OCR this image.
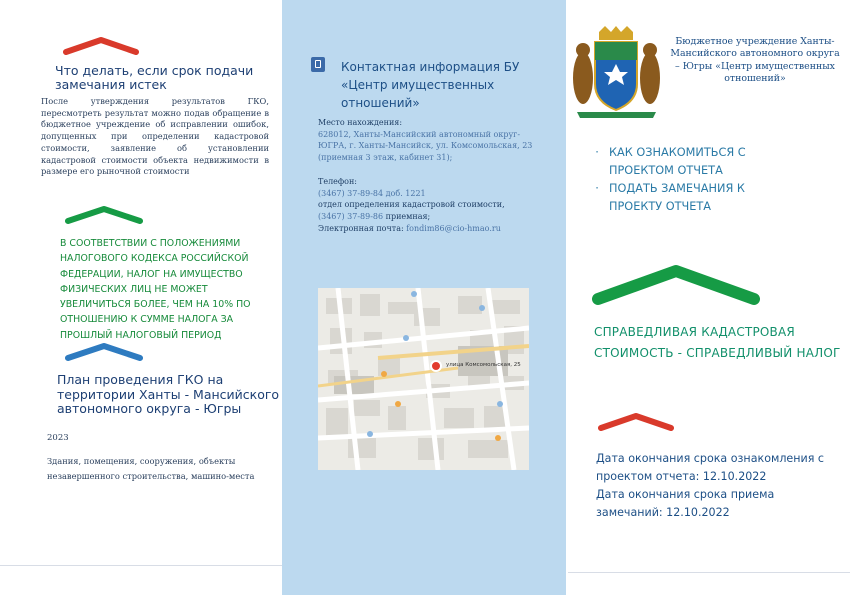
Что делать, если срок подачи замечания истек
После утверждения результатов ГКО, пересмотреть результат можно подав обращение в бюджетное учреждение об исправлении ошибок, допущенных при определении кадастровой стоимости, заявление об установлении кадастровой стоимости объекта недвижимости в размере его рыночной стоимости
В СООТВЕТСТВИИ С ПОЛОЖЕНИЯМИ НАЛОГОВОГО КОДЕКСА РОССИЙСКОЙ ФЕДЕРАЦИИ, НАЛОГ НА ИМУЩЕСТВО ФИЗИЧЕСКИХ ЛИЦ НЕ МОЖЕТ УВЕЛИЧИТЬСЯ БОЛЕЕ, ЧЕМ НА 10% ПО ОТНОШЕНИЮ К СУММЕ НАЛОГА ЗА ПРОШЛЫЙ НАЛОГОВЫЙ ПЕРИОД
План проведения ГКО на территории Ханты - Мансийского автономного округа - Югры
2023
Здания, помещения, сооружения, объекты незавершенного строительства, машино-места
Контактная информация БУ «Центр имущественных отношений»
Место нахождения:
628012, Ханты-Мансийский автономный округ-ЮГРА, г. Ханты-Мансийск, ул. Комсомольская, 23 (приемная 3 этаж, кабинет 31);
Телефон:
(3467) 37-89-84 доб. 1221
отдел определения кадастровой стоимости,
(3467) 37-89-86 приемная;
Электронная почта: fondim86@cio-hmao.ru
улица Комсомольская, 25
Бюджетное учреждение Ханты-Мансийского автономного округа – Югры «Центр имущественных отношений»
· КАК ОЗНАКОМИТЬСЯ С ПРОЕКТОМ ОТЧЕТА
· ПОДАТЬ ЗАМЕЧАНИЯ К ПРОЕКТУ ОТЧЕТА
СПРАВЕДЛИВАЯ КАДАСТРОВАЯ СТОИМОСТЬ - СПРАВЕДЛИВЫЙ НАЛОГ
Дата окончания срока ознакомления с проектом отчета: 12.10.2022
Дата окончания срока приема замечаний: 12.10.2022
